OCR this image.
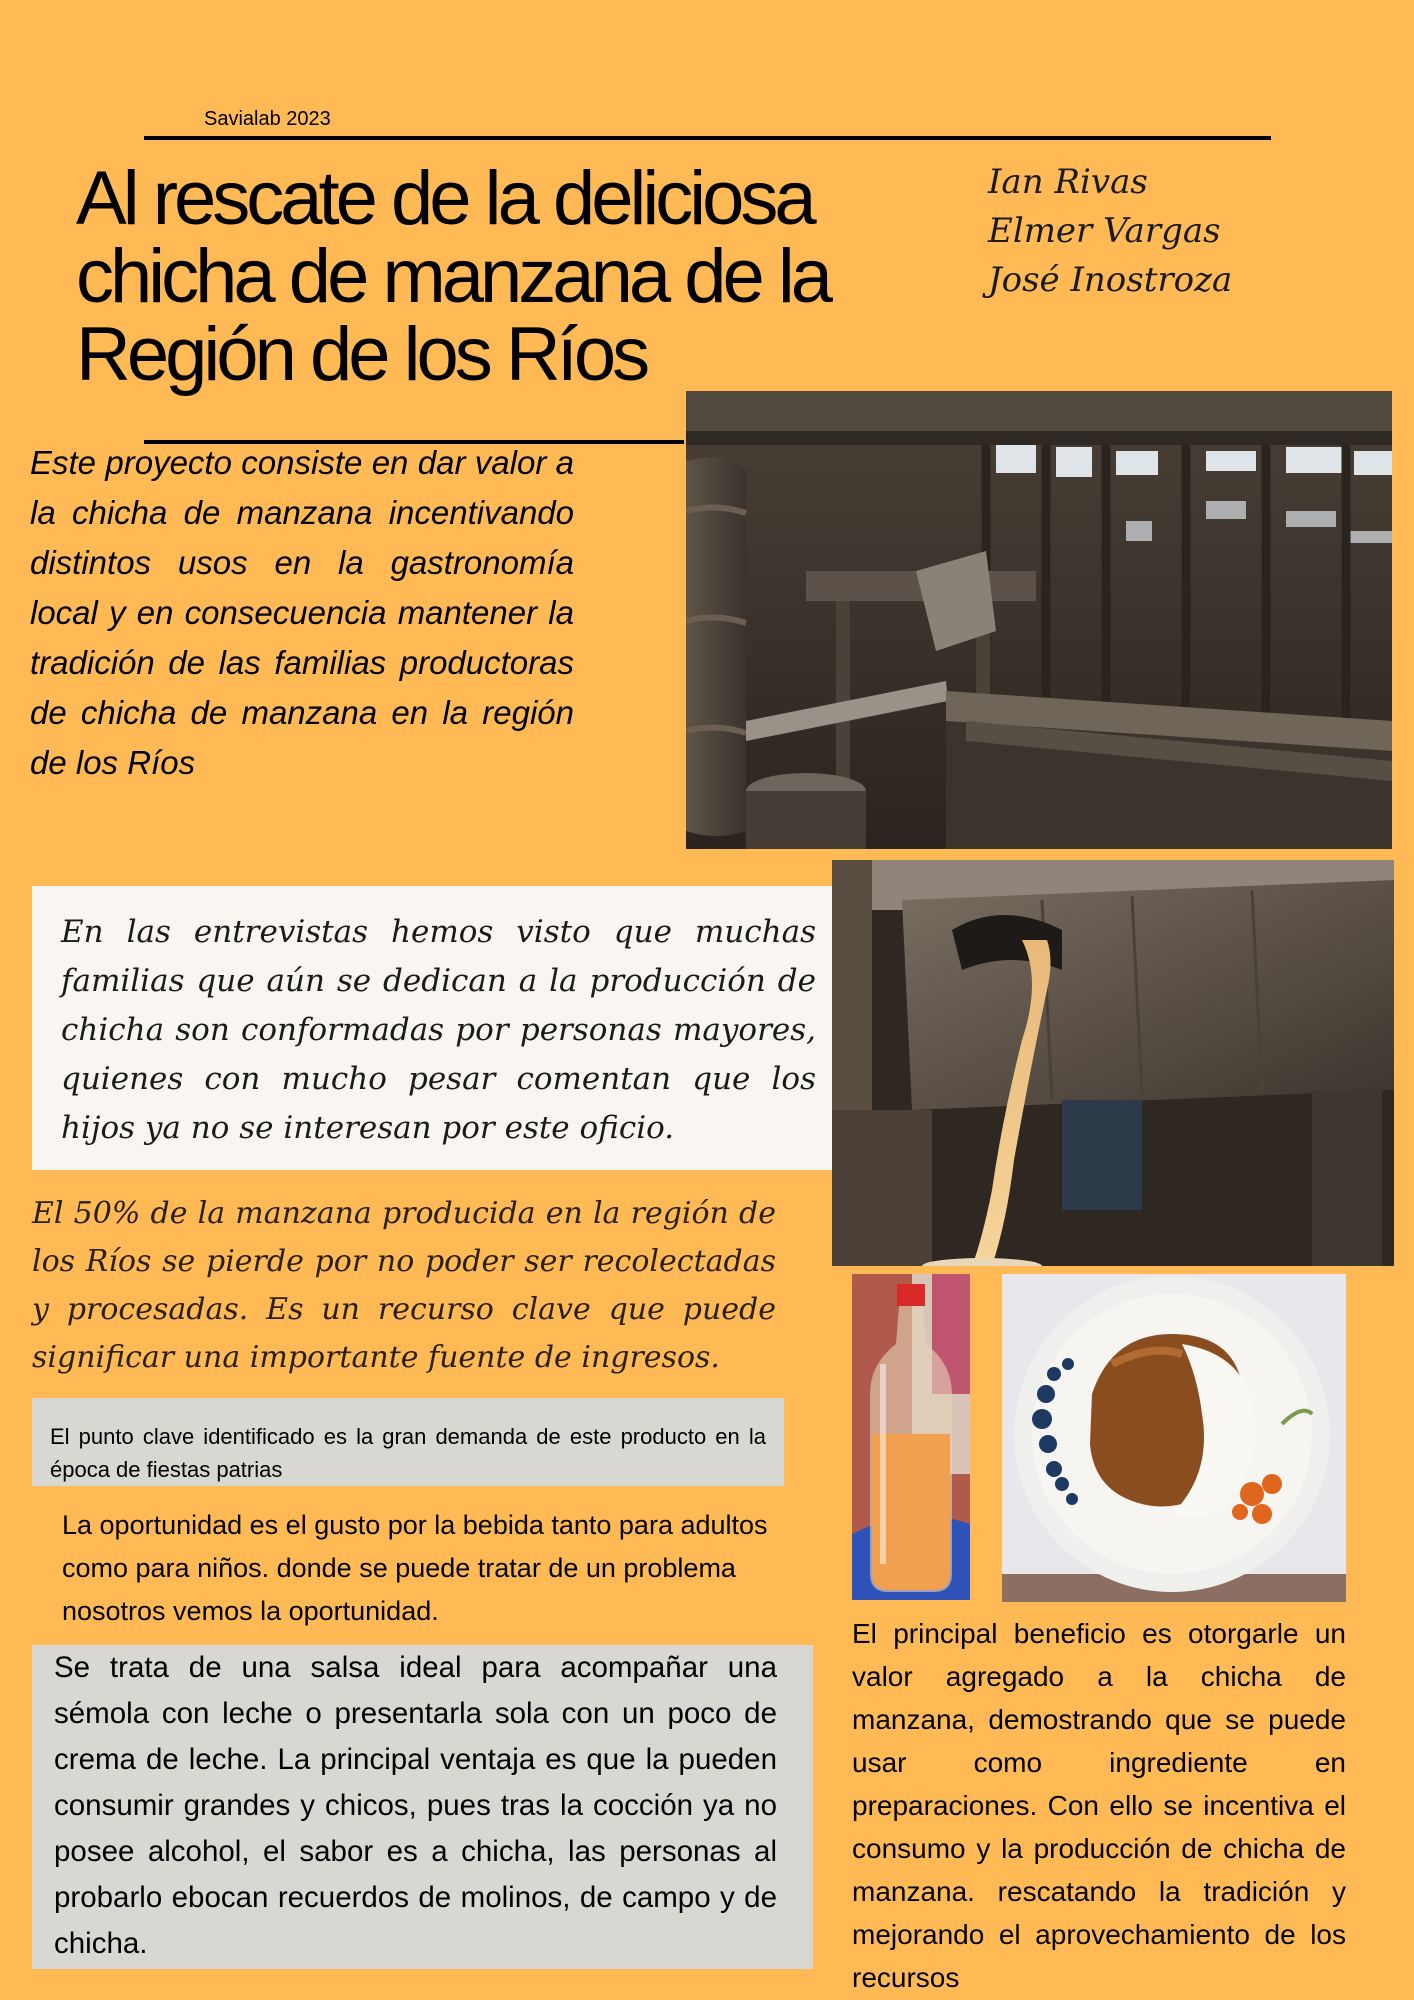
Savialab 2023
Al rescate de la deliciosa
chicha de manzana de la
Región de los Ríos
Ian Rivas
Elmer Vargas
José Inostroza
Este proyecto consiste en dar valor a la chicha de manzana incentivando distintos usos en la gastronomía local y en consecuencia mantener la tradición de las familias productoras de chicha de manzana en la región de los Ríos

En las entrevistas hemos visto que muchas familias que aún se dedican a la producción de chicha son conformadas por personas mayores, quienes con mucho pesar comentan que los hijos ya no se interesan por este oficio.

El 50% de la manzana producida en la región de los Ríos se pierde por no poder ser recolectadas y procesadas. Es un recurso clave que puede significar una importante fuente de ingresos.
El punto clave identificado es la gran demanda de este producto en la época de fiestas patrias
La oportunidad es el gusto por la bebida tanto para adultos como para niños. donde se puede tratar de un problema nosotros vemos la oportunidad.
Se trata de una salsa ideal para acompañar una sémola con leche o presentarla sola con un poco de crema de leche. La principal ventaja es que la pueden consumir grandes y chicos, pues tras la cocción ya no posee alcohol, el sabor es a chicha, las personas al probarlo ebocan recuerdos de molinos, de campo y de chicha.
El principal beneficio es otorgarle un valor agregado a la chicha de manzana, demostrando que se puede usar como ingrediente en preparaciones. Con ello se incentiva el consumo y la producción de chicha de manzana. rescatando la tradición y mejorando el aprovechamiento de los recursos
